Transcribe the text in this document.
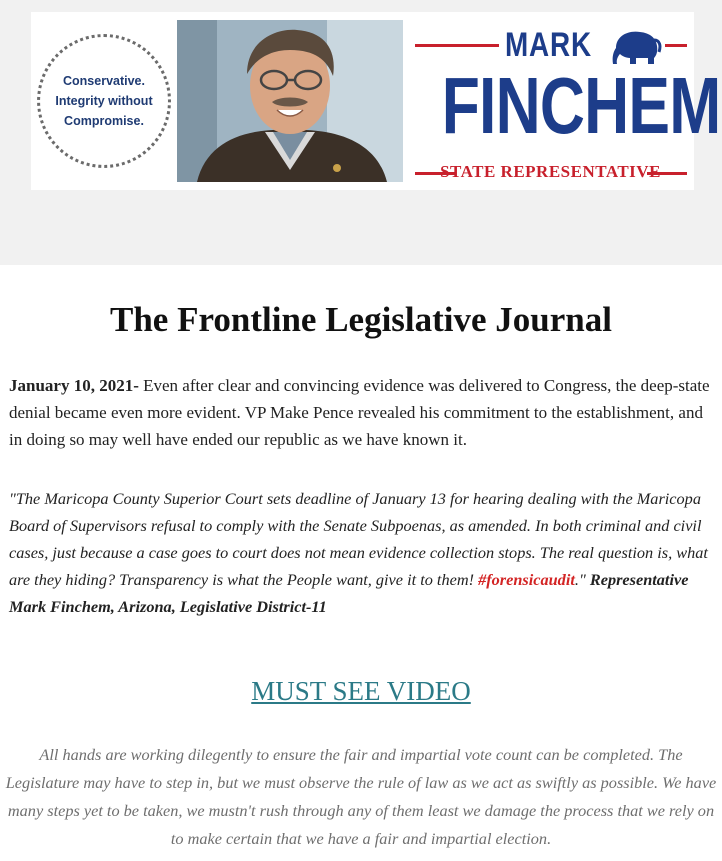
Conservative.
Integrity without
Compromise.
MARK
FINCHEM
STATE REPRESENTATIVE
The Frontline Legislative Journal

January 10, 2021- Even after clear and convincing evidence was delivered to Congress, the deep-state denial became even more evident. VP Make Pence revealed his commitment to the establishment, and in doing so may well have ended our republic as we have known it.

"The Maricopa County Superior Court sets deadline of January 13 for hearing dealing with the Maricopa Board of Supervisors refusal to comply with the Senate Subpoenas, as amended. In both criminal and civil cases, just because a case goes to court does not mean evidence collection stops. The real question is, what are they hiding? Transparency is what the People want, give it to them! #forensicaudit." Representative Mark Finchem, Arizona, Legislative District-11

MUST SEE VIDEO

All hands are working dilegently to ensure the fair and impartial vote count can be completed. The Legislature may have to step in, but we must observe the rule of law as we act as swiftly as possible. We have many steps yet to be taken, we mustn't rush through any of them least we damage the process that we rely on to make certain that we have a fair and impartial election.
